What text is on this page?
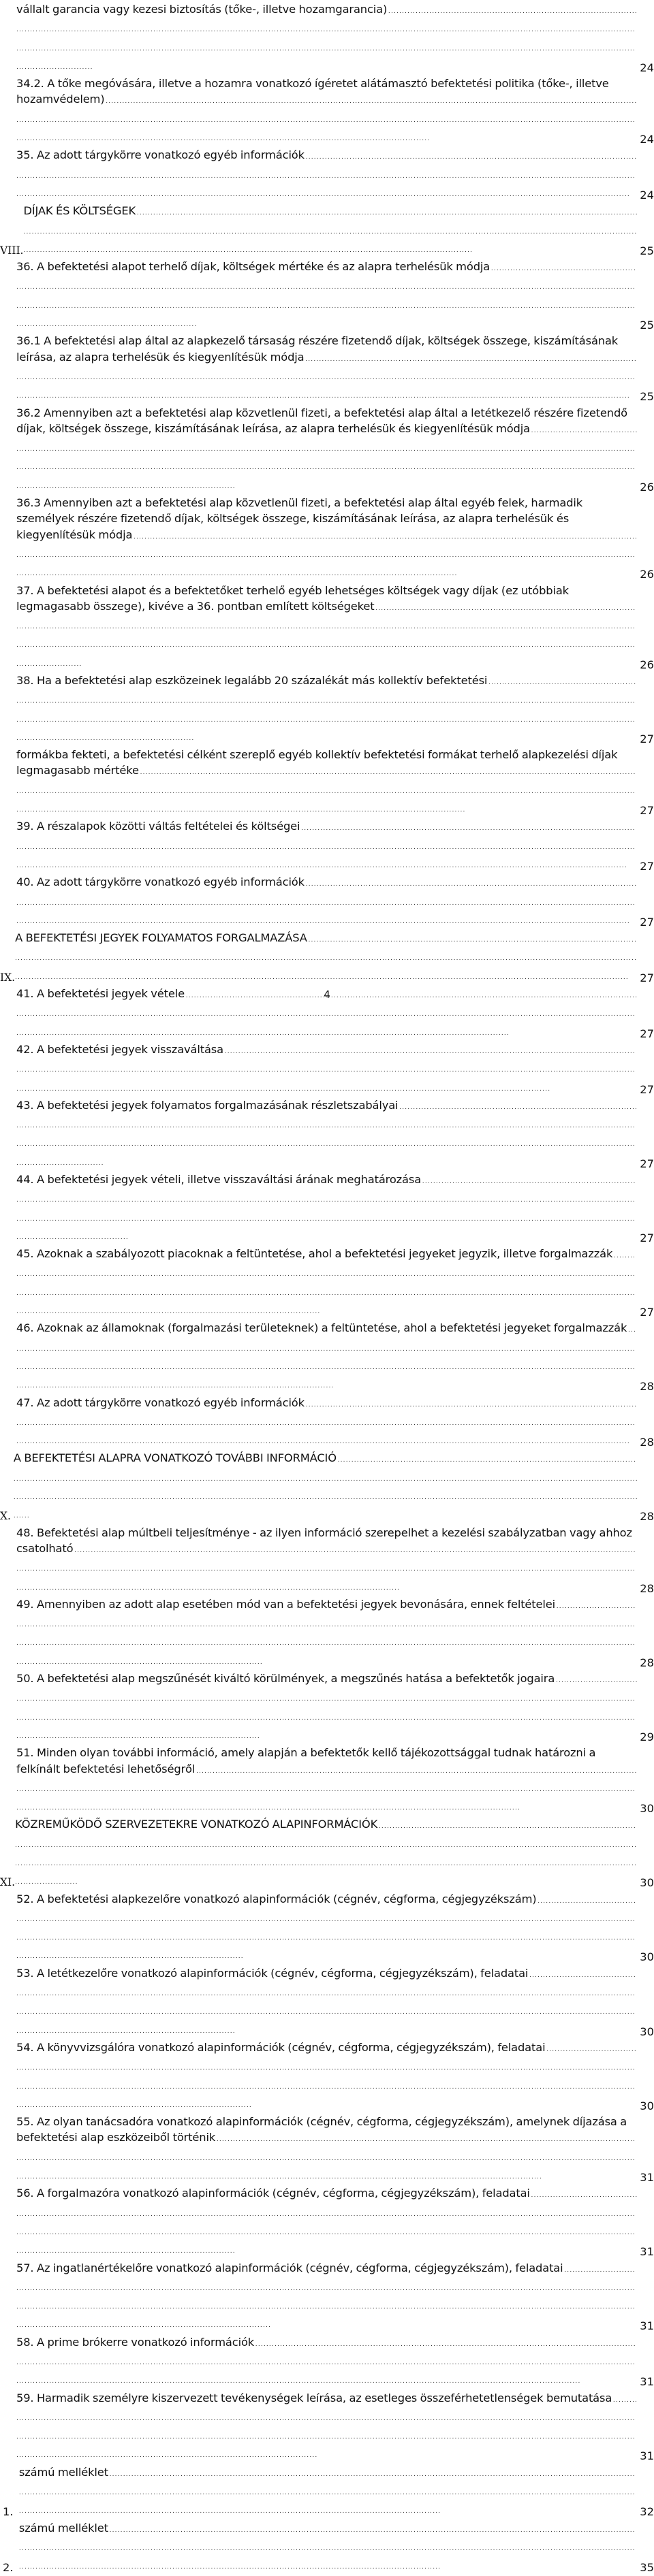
vállalt garancia vagy kezesi biztosítás (tőke-, illetve hozamgarancia) . . .
24
34.2. A tőke megóvására, illetve a hozamra vonatkozó ígéretet alátámasztó befektetési politika (tőke-, illetve hozamvédelem) . . .
24
35. Az adott tárgykörre vonatkozó egyéb információk . . .
24
VIII.
DÍJAK ÉS KÖLTSÉGEK . . .
25
36. A befektetési alapot terhelő díjak, költségek mértéke és az alapra terhelésük módja . . .
25
36.1 A befektetési alap által az alapkezelő társaság részére fizetendő díjak, költségek összege, kiszámításának leírása, az alapra terhelésük és kiegyenlítésük módja . . .
25
36.2 Amennyiben azt a befektetési alap közvetlenül fizeti, a befektetési alap által a letétkezelő részére fizetendő díjak, költségek összege, kiszámításának leírása, az alapra terhelésük és kiegyenlítésük módja . . .
26
36.3 Amennyiben azt a befektetési alap közvetlenül fizeti, a befektetési alap által egyéb felek, harmadik személyek részére fizetendő díjak, költségek összege, kiszámításának leírása, az alapra terhelésük és kiegyenlítésük módja . . .
26
37. A befektetési alapot és a befektetőket terhelő egyéb lehetséges költségek vagy díjak (ez utóbbiak legmagasabb összege), kivéve a 36. pontban említett költségeket . . .
26
38. Ha a befektetési alap eszközeinek legalább 20 százalékát más kollektív befektetési . . .
27
formákba fekteti, a befektetési célként szereplő egyéb kollektív befektetési formákat terhelő alapkezelési díjak legmagasabb mértéke . . .
27
39. A részalapok közötti váltás feltételei és költségei . . .
27
40. Az adott tárgykörre vonatkozó egyéb információk . . .
27
IX.
A BEFEKTETÉSI JEGYEK FOLYAMATOS FORGALMAZÁSA . . .
27
41. A befektetési jegyek vétele . . .
27
42. A befektetési jegyek visszaváltása . . .
27
43. A befektetési jegyek folyamatos forgalmazásának részletszabályai . . .
27
44. A befektetési jegyek vételi, illetve visszaváltási árának meghatározása . . .
27
45. Azoknak a szabályozott piacoknak a feltüntetése, ahol a befektetési jegyeket jegyzik, illetve forgalmazzák . . .
27
46. Azoknak az államoknak (forgalmazási területeknek) a feltüntetése, ahol a befektetési jegyeket forgalmazzák . . .
28
47. Az adott tárgykörre vonatkozó egyéb információk . . .
28
X.
A BEFEKTETÉSI ALAPRA VONATKOZÓ TOVÁBBI INFORMÁCIÓ . . .
28
48. Befektetési alap múltbeli teljesítménye - az ilyen információ szerepelhet a kezelési szabályzatban vagy ahhoz csatolható . . .
28
49. Amennyiben az adott alap esetében mód van a befektetési jegyek bevonására, ennek feltételei . . .
28
50. A befektetési alap megszűnését kiváltó körülmények, a megszűnés hatása a befektetők jogaira . . .
29
51. Minden olyan további információ, amely alapján a befektetők kellő tájékozottsággal tudnak határozni a felkínált befektetési lehetőségről . . .
30
XI.
KÖZREMŰKÖDŐ SZERVEZETEKRE VONATKOZÓ ALAPINFORMÁCIÓK . . .
30
52. A befektetési alapkezelőre vonatkozó alapinformációk (cégnév, cégforma, cégjegyzékszám) . . .
30
53. A letétkezelőre vonatkozó alapinformációk (cégnév, cégforma, cégjegyzékszám), feladatai . . .
30
54. A könyvvizsgálóra vonatkozó alapinformációk (cégnév, cégforma, cégjegyzékszám), feladatai . . .
30
55. Az olyan tanácsadóra vonatkozó alapinformációk (cégnév, cégforma, cégjegyzékszám), amelynek díjazása a befektetési alap eszközeiből történik . . .
31
56. A forgalmazóra vonatkozó alapinformációk (cégnév, cégforma, cégjegyzékszám), feladatai . . .
31
57. Az ingatlanértékelőre vonatkozó alapinformációk (cégnév, cégforma, cégjegyzékszám), feladatai . . .
31
58. A prime brókerre vonatkozó információk . . .
31
59. Harmadik személyre kiszervezett tevékenységek leírása, az esetleges összeférhetetlenségek bemutatása . . .
31
1.
számú melléklet . . .
32
2.
számú melléklet . . .
35
4
